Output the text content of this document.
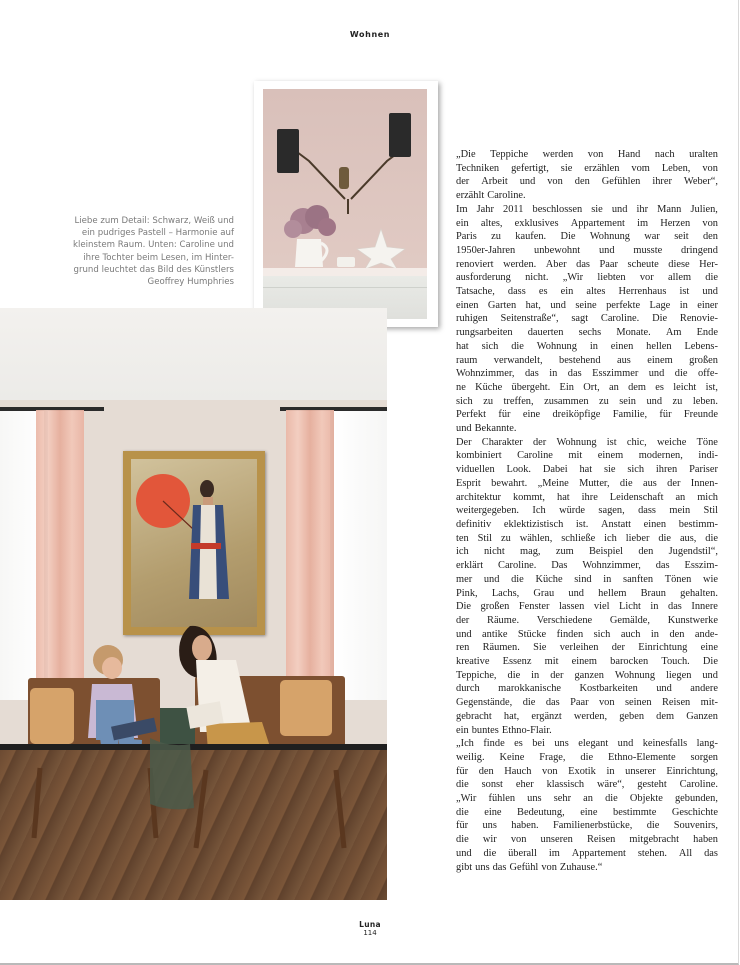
Wohnen
Liebe zum Detail: Schwarz, Weiß und
ein pudriges Pastell – Harmonie auf
kleinstem Raum. Unten: Caroline und
ihre Tochter beim Lesen, im Hinter-
grund leuchtet das Bild des Künstlers
Geoffrey Humphries
„Die Teppiche werden von Hand nach uralten
Techniken gefertigt, sie erzählen vom Leben, von
der Arbeit und von den Gefühlen ihrer Weber“,
erzählt Caroline.
Im Jahr 2011 beschlossen sie und ihr Mann Julien,
ein altes, exklusives Appartement im Herzen von
Paris zu kaufen. Die Wohnung war seit den
1950er-Jahren unbewohnt und musste dringend
renoviert werden. Aber das Paar scheute diese Her-
ausforderung nicht. „Wir liebten vor allem die
Tatsache, dass es ein altes Herrenhaus ist und
einen Garten hat, und seine perfekte Lage in einer
ruhigen Seitenstraße“, sagt Caroline. Die Renovie-
rungsarbeiten dauerten sechs Monate. Am Ende
hat sich die Wohnung in einen hellen Lebens-
raum verwandelt, bestehend aus einem großen
Wohnzimmer, das in das Esszimmer und die offe-
ne Küche übergeht. Ein Ort, an dem es leicht ist,
sich zu treffen, zusammen zu sein und zu leben.
Perfekt für eine dreiköpfige Familie, für Freunde
und Bekannte.
Der Charakter der Wohnung ist chic, weiche Töne
kombiniert Caroline mit einem modernen, indi-
viduellen Look. Dabei hat sie sich ihren Pariser
Esprit bewahrt. „Meine Mutter, die aus der Innen-
architektur kommt, hat ihre Leidenschaft an mich
weitergegeben. Ich würde sagen, dass mein Stil
definitiv eklektizistisch ist. Anstatt einen bestimm-
ten Stil zu wählen, schließe ich lieber die aus, die
ich nicht mag, zum Beispiel den Jugendstil“,
erklärt Caroline. Das Wohnzimmer, das Esszim-
mer und die Küche sind in sanften Tönen wie
Pink, Lachs, Grau und hellem Braun gehalten.
Die großen Fenster lassen viel Licht in das Innere
der Räume. Verschiedene Gemälde, Kunstwerke
und antike Stücke finden sich auch in den ande-
ren Räumen. Sie verleihen der Einrichtung eine
kreative Essenz mit einem barocken Touch. Die
Teppiche, die in der ganzen Wohnung liegen und
durch marokkanische Kostbarkeiten und andere
Gegenstände, die das Paar von seinen Reisen mit-
gebracht hat, ergänzt werden, geben dem Ganzen
ein buntes Ethno-Flair.
„Ich finde es bei uns elegant und keinesfalls lang-
weilig. Keine Frage, die Ethno-Elemente sorgen
für den Hauch von Exotik in unserer Einrichtung,
die sonst eher klassisch wäre“, gesteht Caroline.
„Wir fühlen uns sehr an die Objekte gebunden,
die eine Bedeutung, eine bestimmte Geschichte
für uns haben. Familienerbstücke, die Souvenirs,
die wir von unseren Reisen mitgebracht haben
und die überall im Appartement stehen. All das
gibt uns das Gefühl von Zuhause.“
Luna
114
